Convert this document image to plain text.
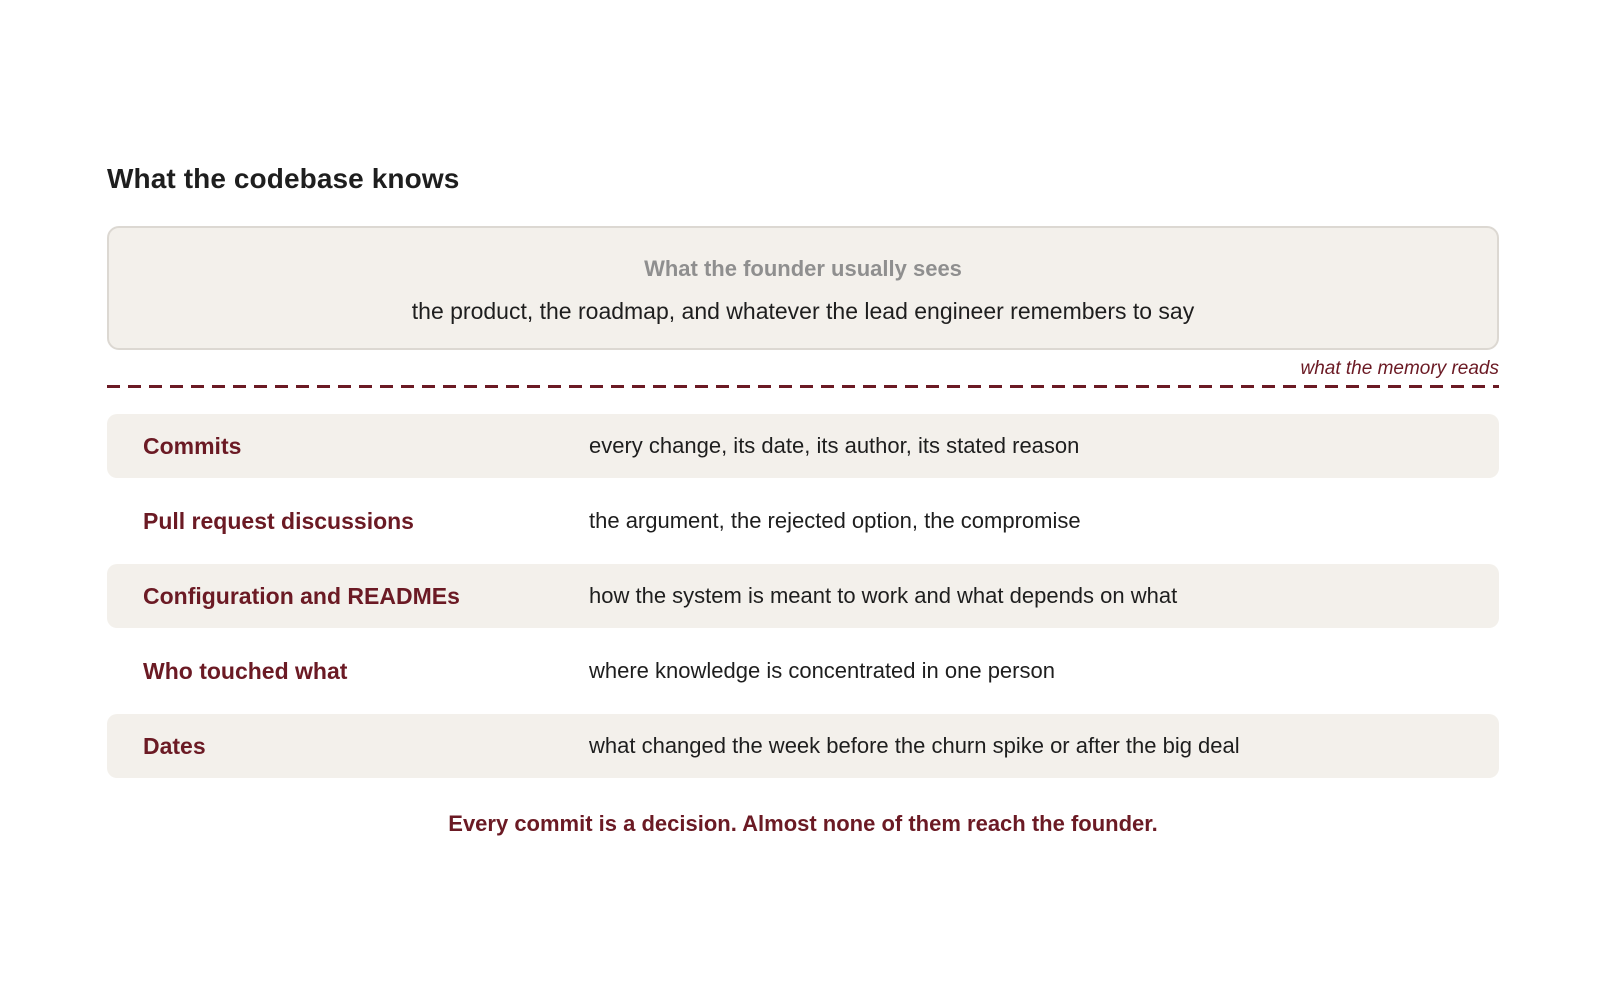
What the codebase knows
What the founder usually sees
the product, the roadmap, and whatever the lead engineer remembers to say
what the memory reads
Commits	every change, its date, its author, its stated reason
Pull request discussions	the argument, the rejected option, the compromise
Configuration and READMEs	how the system is meant to work and what depends on what
Who touched what	where knowledge is concentrated in one person
Dates	what changed the week before the churn spike or after the big deal
Every commit is a decision. Almost none of them reach the founder.
